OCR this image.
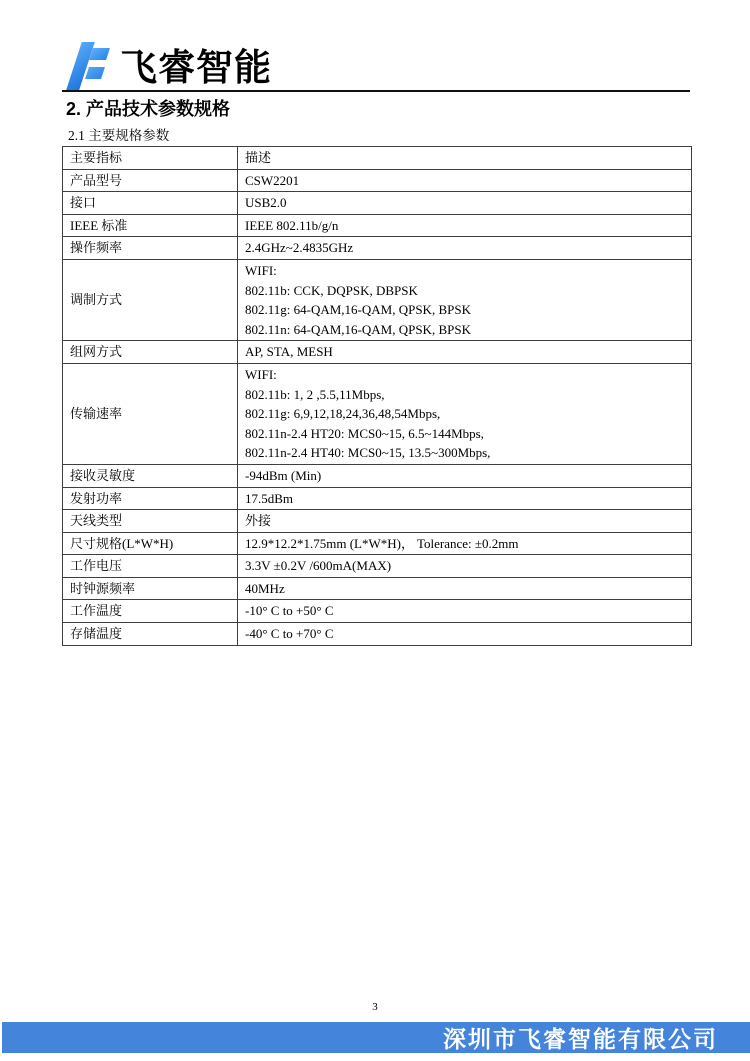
飞睿智能
2. 产品技术参数规格
2.1 主要规格参数
主要指标	描述
产品型号	CSW2201

接口	USB2.0

IEEE 标准	IEEE 802.11b/g/n

操作频率	2.4GHz~2.4835GHz

调制方式	WIFI:
802.11b: CCK, DQPSK, DBPSK
802.11g: 64-QAM,16-QAM, QPSK, BPSK
802.11n: 64-QAM,16-QAM, QPSK, BPSK

组网方式	AP, STA, MESH

传输速率	WIFI:
802.11b: 1, 2 ,5.5,11Mbps,
802.11g: 6,9,12,18,24,36,48,54Mbps,
802.11n-2.4 HT20: MCS0~15, 6.5~144Mbps,
802.11n-2.4 HT40: MCS0~15, 13.5~300Mbps,

接收灵敏度	-94dBm (Min)

发射功率	17.5dBm

天线类型	外接

尺寸规格(L*W*H)	12.9*12.2*1.75mm (L*W*H)， Tolerance: ±0.2mm

工作电压	3.3V ±0.2V /600mA(MAX)

时钟源频率	40MHz

工作温度	-10° C to +50° C

存储温度	-40° C to +70° C
3
深圳市飞睿智能有限公司
